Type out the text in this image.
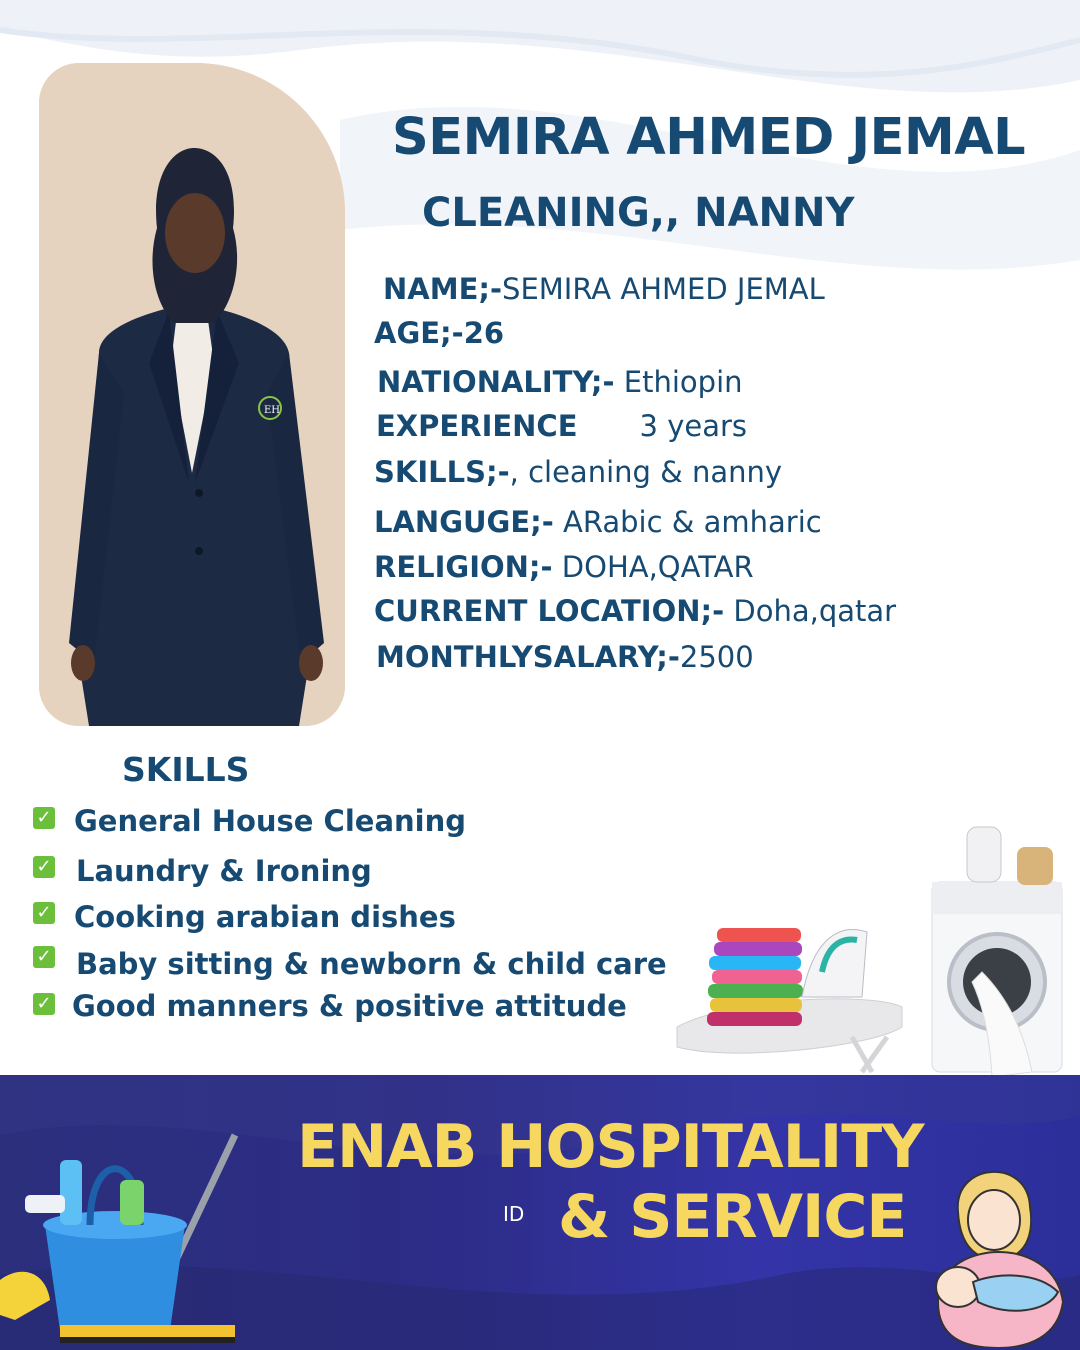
EH
SEMIRA AHMED JEMAL
CLEANING,, NANNY
NAME;-SEMIRA AHMED JEMAL
AGE;-26
NATIONALITY;- Ethiopin
EXPERIENCE 3 years
SKILLS;-, cleaning & nanny
LANGUGE;- ARabic & amharic
RELIGION;- DOHA,QATAR
CURRENT LOCATION;- Doha,qatar
MONTHLYSALARY;-2500
SKILLS
✓ General House Cleaning
✓ Laundry & Ironing
✓ Cooking arabian dishes
✓ Baby sitting & newborn & child care
✓ Good manners & positive attitude
ENAB HOSPITALITY
ID & SERVICE
